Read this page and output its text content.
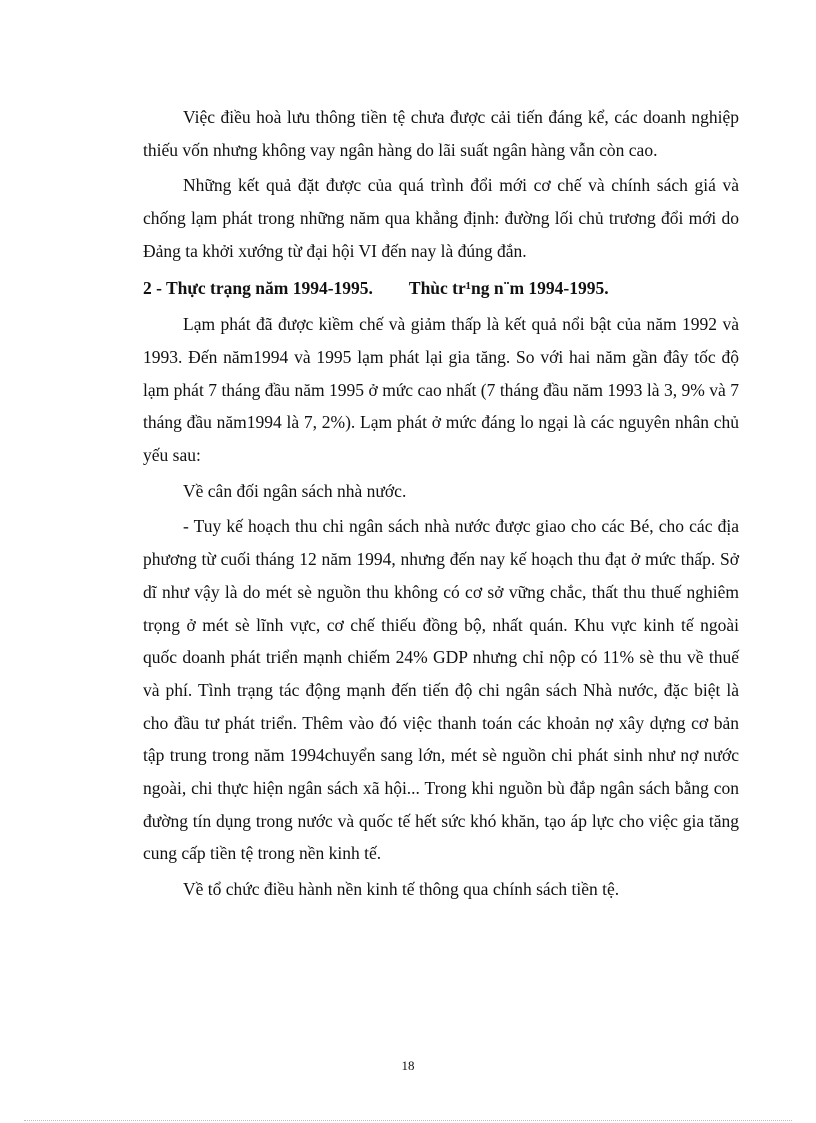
Việc điều hoà lưu thông tiền tệ chưa được cải tiến đáng kể, các doanh nghiệp thiếu vốn nhưng không vay ngân hàng do lãi suất ngân hàng vẫn còn cao.

Những kết quả đặt được của quá trình đổi mới cơ chế và chính sách giá và chống lạm phát trong những năm qua khẳng định: đường lối chủ trương đổi mới do Đảng ta khởi xướng từ đại hội VI đến nay là đúng đắn.

2 - Thực trạng năm 1994-1995. Thùc tr¹ng n¨m 1994-1995.

Lạm phát đã được kiềm chế và giảm thấp là kết quả nổi bật của năm 1992 và 1993. Đến năm1994 và 1995 lạm phát lại gia tăng. So với hai năm gần đây tốc độ lạm phát 7 tháng đầu năm 1995 ở mức cao nhất (7 tháng đầu năm 1993 là 3, 9% và 7 tháng đầu năm1994 là 7, 2%). Lạm phát ở mức đáng lo ngại là các nguyên nhân chủ yếu sau:

Về cân đối ngân sách nhà nước.

- Tuy kế hoạch thu chi ngân sách nhà nước được giao cho các Bé, cho các địa phương từ cuối tháng 12 năm 1994, nhưng đến nay kế hoạch thu đạt ở mức thấp. Sở dĩ như vậy là do mét sè nguồn thu không có cơ sở vững chắc, thất thu thuế nghiêm trọng ở mét sè lĩnh vực, cơ chế thiếu đồng bộ, nhất quán. Khu vực kinh tế ngoài quốc doanh phát triển mạnh chiếm 24% GDP nhưng chỉ nộp có 11% sè thu về thuế và phí. Tình trạng tác động mạnh đến tiến độ chi ngân sách Nhà nước, đặc biệt là cho đầu tư phát triển. Thêm vào đó việc thanh toán các khoản nợ xây dựng cơ bản tập trung trong năm 1994chuyển sang lớn, mét sè nguồn chi phát sinh như nợ nước ngoài, chi thực hiện ngân sách xã hội... Trong khi nguồn bù đắp ngân sách bằng con đường tín dụng trong nước và quốc tế hết sức khó khăn, tạo áp lực cho việc gia tăng cung cấp tiền tệ trong nền kinh tế.

Về tổ chức điều hành nền kinh tế thông qua chính sách tiền tệ.

18
